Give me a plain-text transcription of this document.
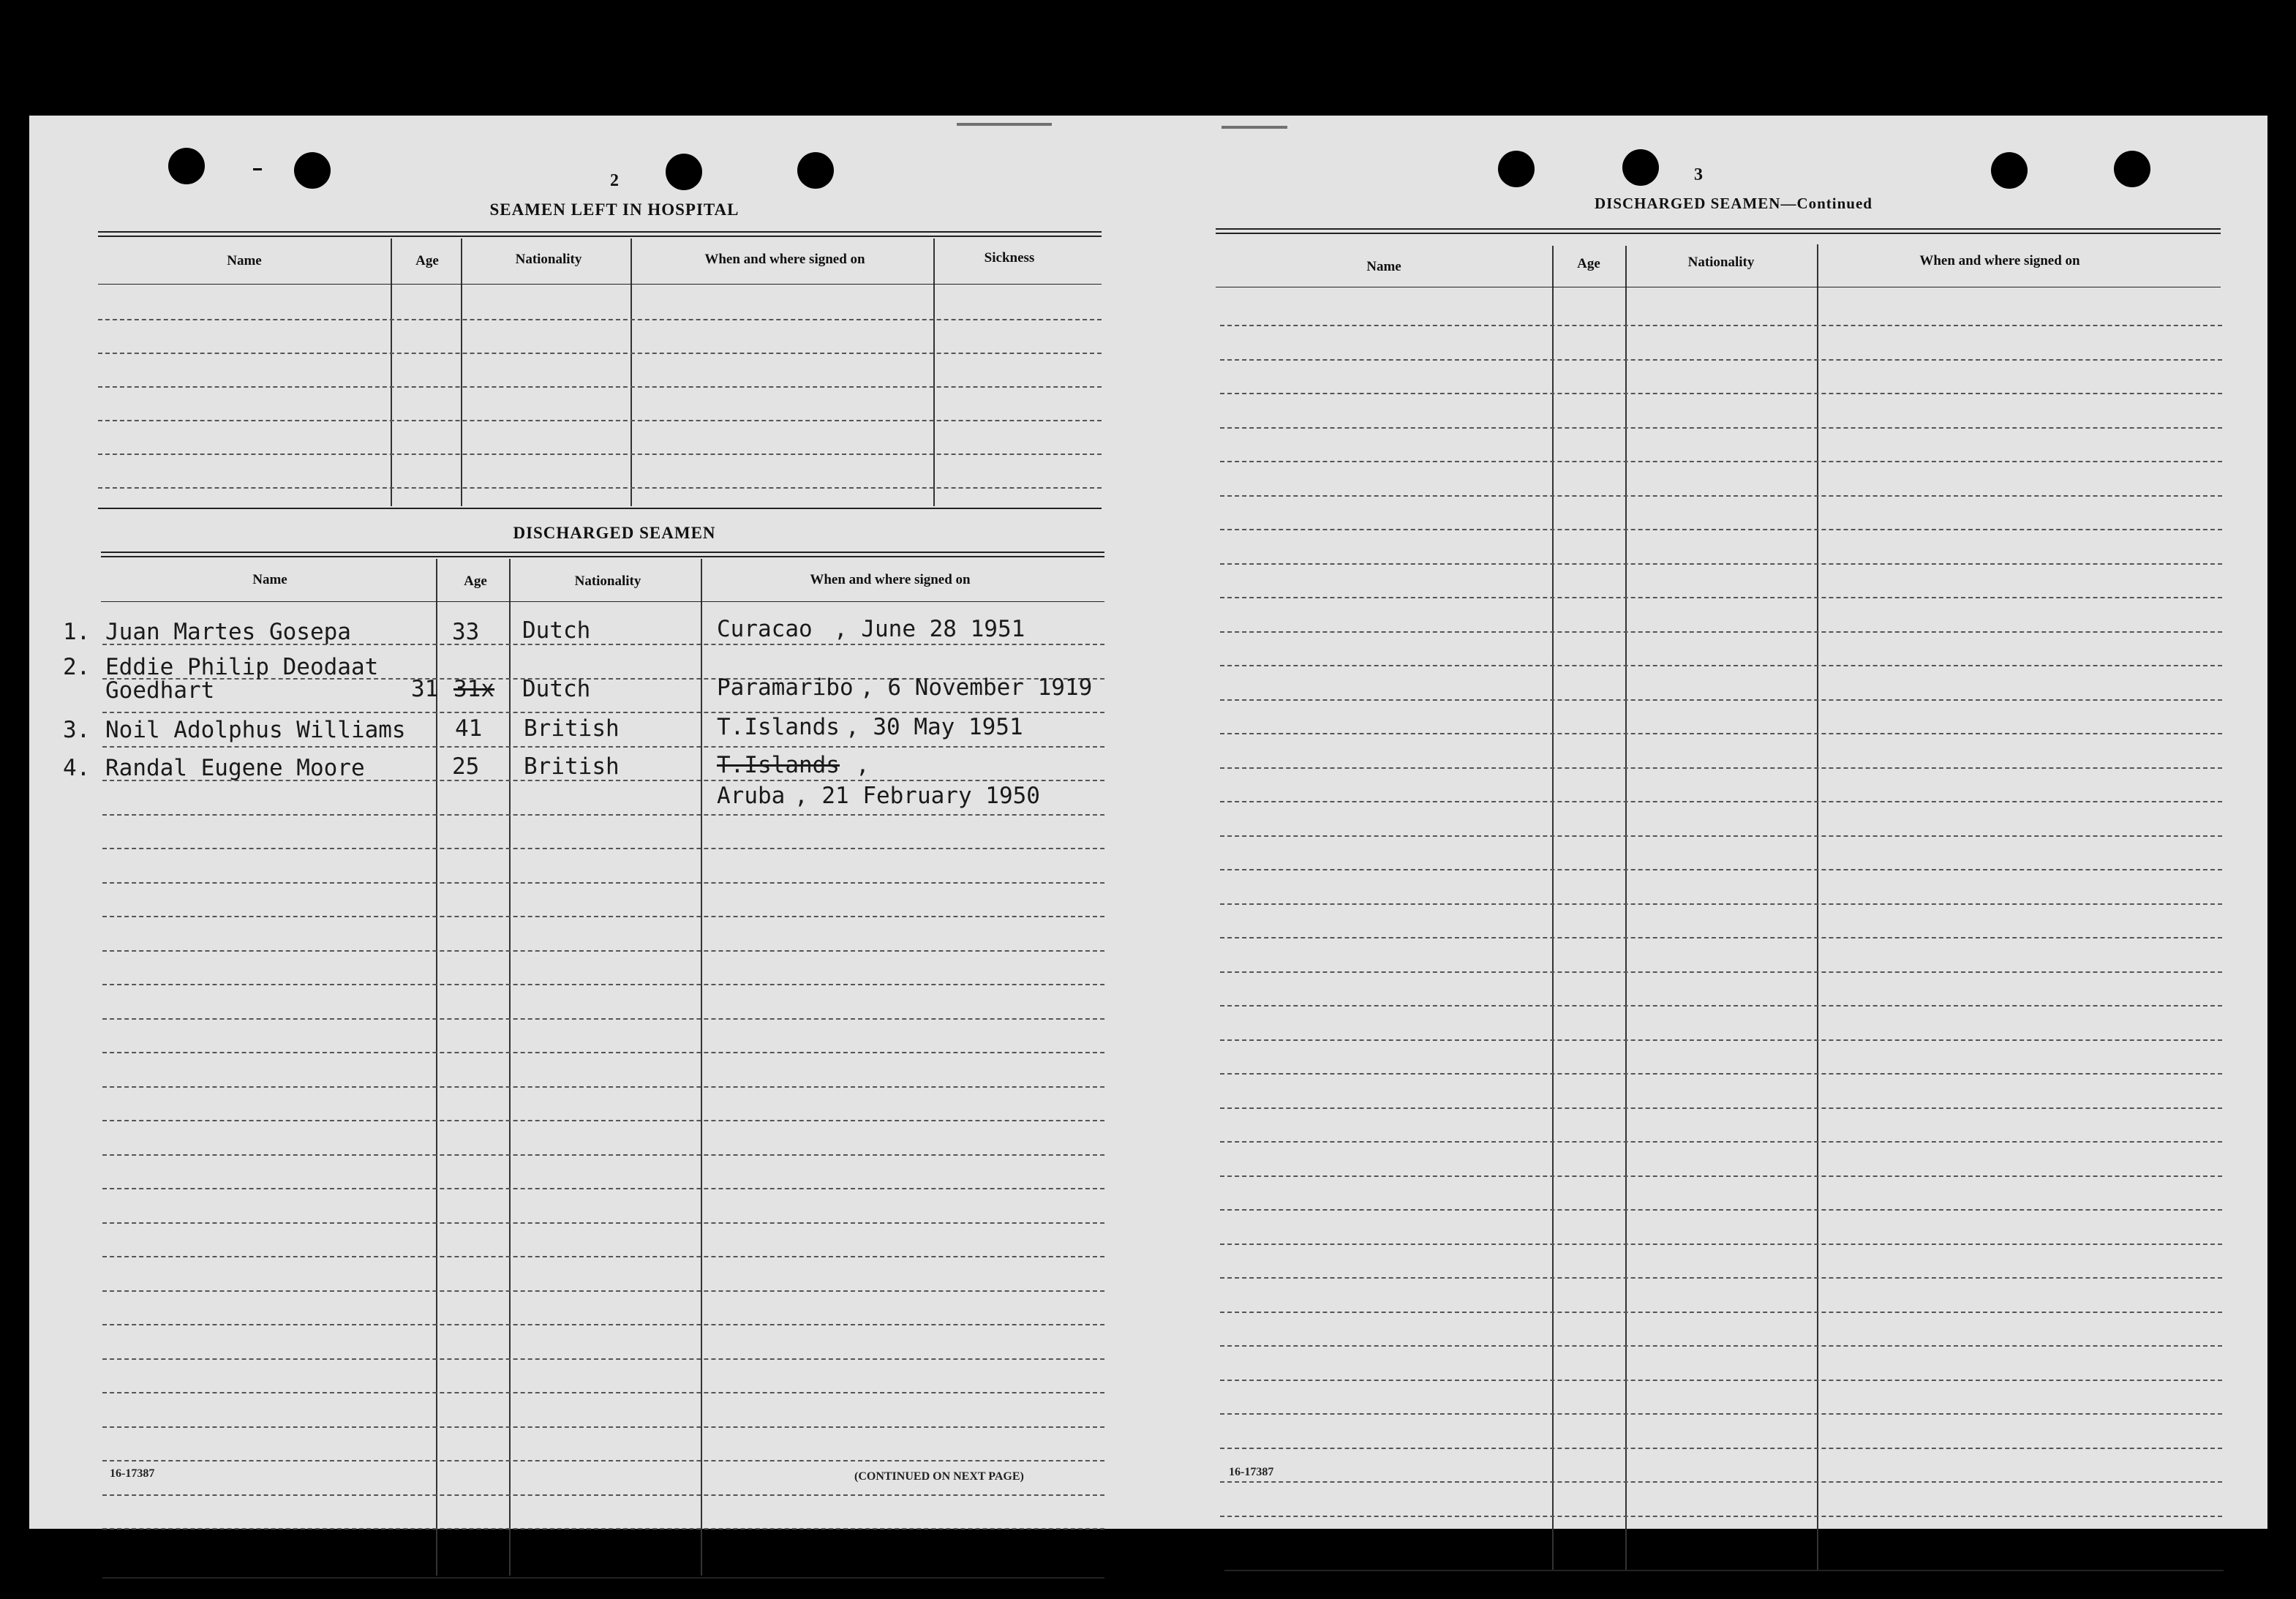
2
SEAMEN LEFT IN HOSPITAL
Name	Age	Nationality	When and where signed on	Sickness
DISCHARGED SEAMEN
Name	Age	Nationality	When and where signed on
1. Juan Martes Gosepa	33 Dutch	Curacao , June 28 1951
2. Eddie Philip Deodaat
Goedhart	31 31x Dutch	Paramaribo , 6 November 1919
3. Noil Adolphus Williams 41 British	T.Islands , 30 May 1951
4. Randal Eugene Moore	25 British	T.Islands ,
Aruba , 21 February 1950
16-17387	(CONTINUED ON NEXT PAGE)
3
DISCHARGED SEAMEN—Continued
Name	Age	Nationality	When and where signed on
16-17387
